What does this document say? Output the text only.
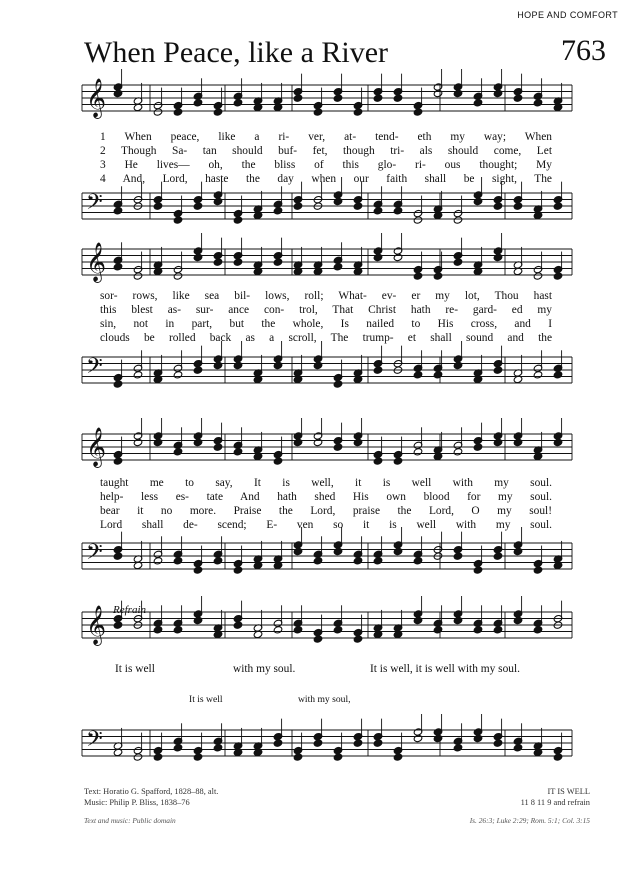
HOPE AND COMFORT
When Peace, like a River	763
𝄞
𝄢
𝄞
𝄢
𝄞
𝄢
𝄞
𝄢
1 When peace, like a ri- ver, at- tend- eth my way; When
2 Though Sa- tan should buf- fet, though tri- als should come, Let
3 He lives— oh, the bliss of this glo- ri- ous thought; My
4 And, Lord, haste the day when our faith shall be sight, The
sor- rows, like sea bil- lows, roll; What- ev- er my lot, Thou hast
this blest as- sur- ance con- trol, That Christ hath re- gard- ed my
sin, not in part, but the whole, Is nailed to His cross, and I
clouds be rolled back as a scroll, The trump- et shall sound and the
taught me to say, It is well, it is well with my soul.
help- less es- tate And hath shed His own blood for my soul.
bear it no more. Praise the Lord, praise the Lord, O my soul!
Lord shall de- scend; E- ven so it is well with my soul.
Refrain
It is well	with my soul.	It is well, it is well with my soul.
It is well	with my soul,
Text: Horatio G. Spafford, 1828–88, alt.
Music: Philip P. Bliss, 1838–76
IT IS WELL
11 8 11 9 and refrain
Text and music: Public domain	Is. 26:3; Luke 2:29; Rom. 5:1; Col. 3:15
